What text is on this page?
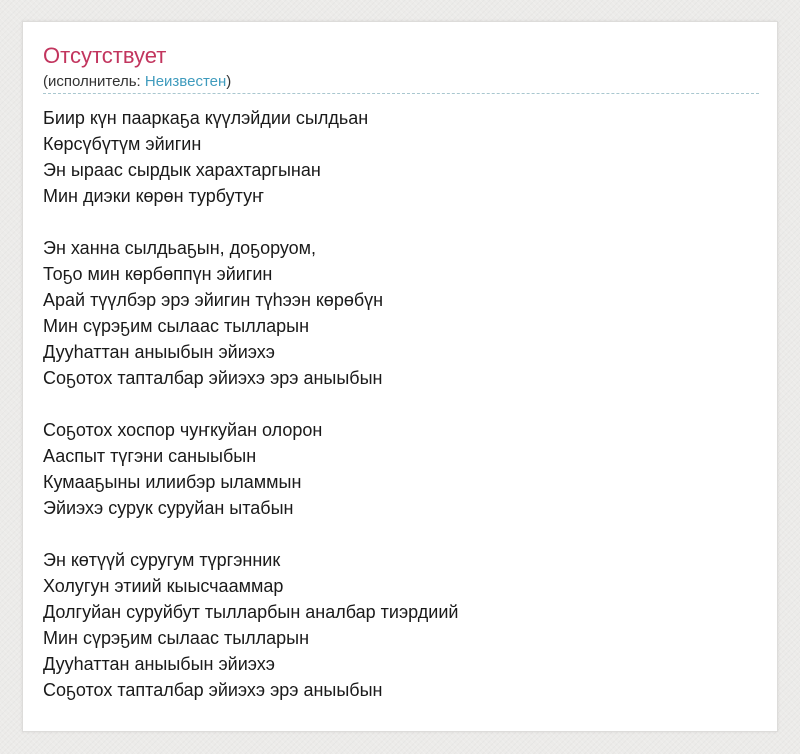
Отсутствует
(исполнитель: Неизвестен)
Биир күн пааркаҕа күүлэйдии сылдьан
Көрсүбүтүм эйигин
Эн ыраас сырдык харахтаргынан
Мин диэки көрөн турбутуҥ
Эн ханна сылдьаҕын, доҕоруом,
Тоҕо мин көрбөппүн эйигин
Арай түүлбэр эрэ эйигин түһээн көрөбүн
Мин сүрэҕим сылаас тылларын
Дууһаттан аныыбын эйиэхэ
Соҕотох тапталбар эйиэхэ эрэ аныыбын
Соҕотох хоспор чуҥкуйан олорон
Ааспыт түгэни саныыбын
Кумааҕыны илиибэр ыламмын
Эйиэхэ сурук суруйан ытабын
Эн көтүүй суругум түргэнник
Холугун этиий кыысчааммар
Долгуйан суруйбут тылларбын аналбар тиэрдиий
Мин сүрэҕим сылаас тылларын
Дууһаттан аныыбын эйиэхэ
Соҕотох тапталбар эйиэхэ эрэ аныыбын
